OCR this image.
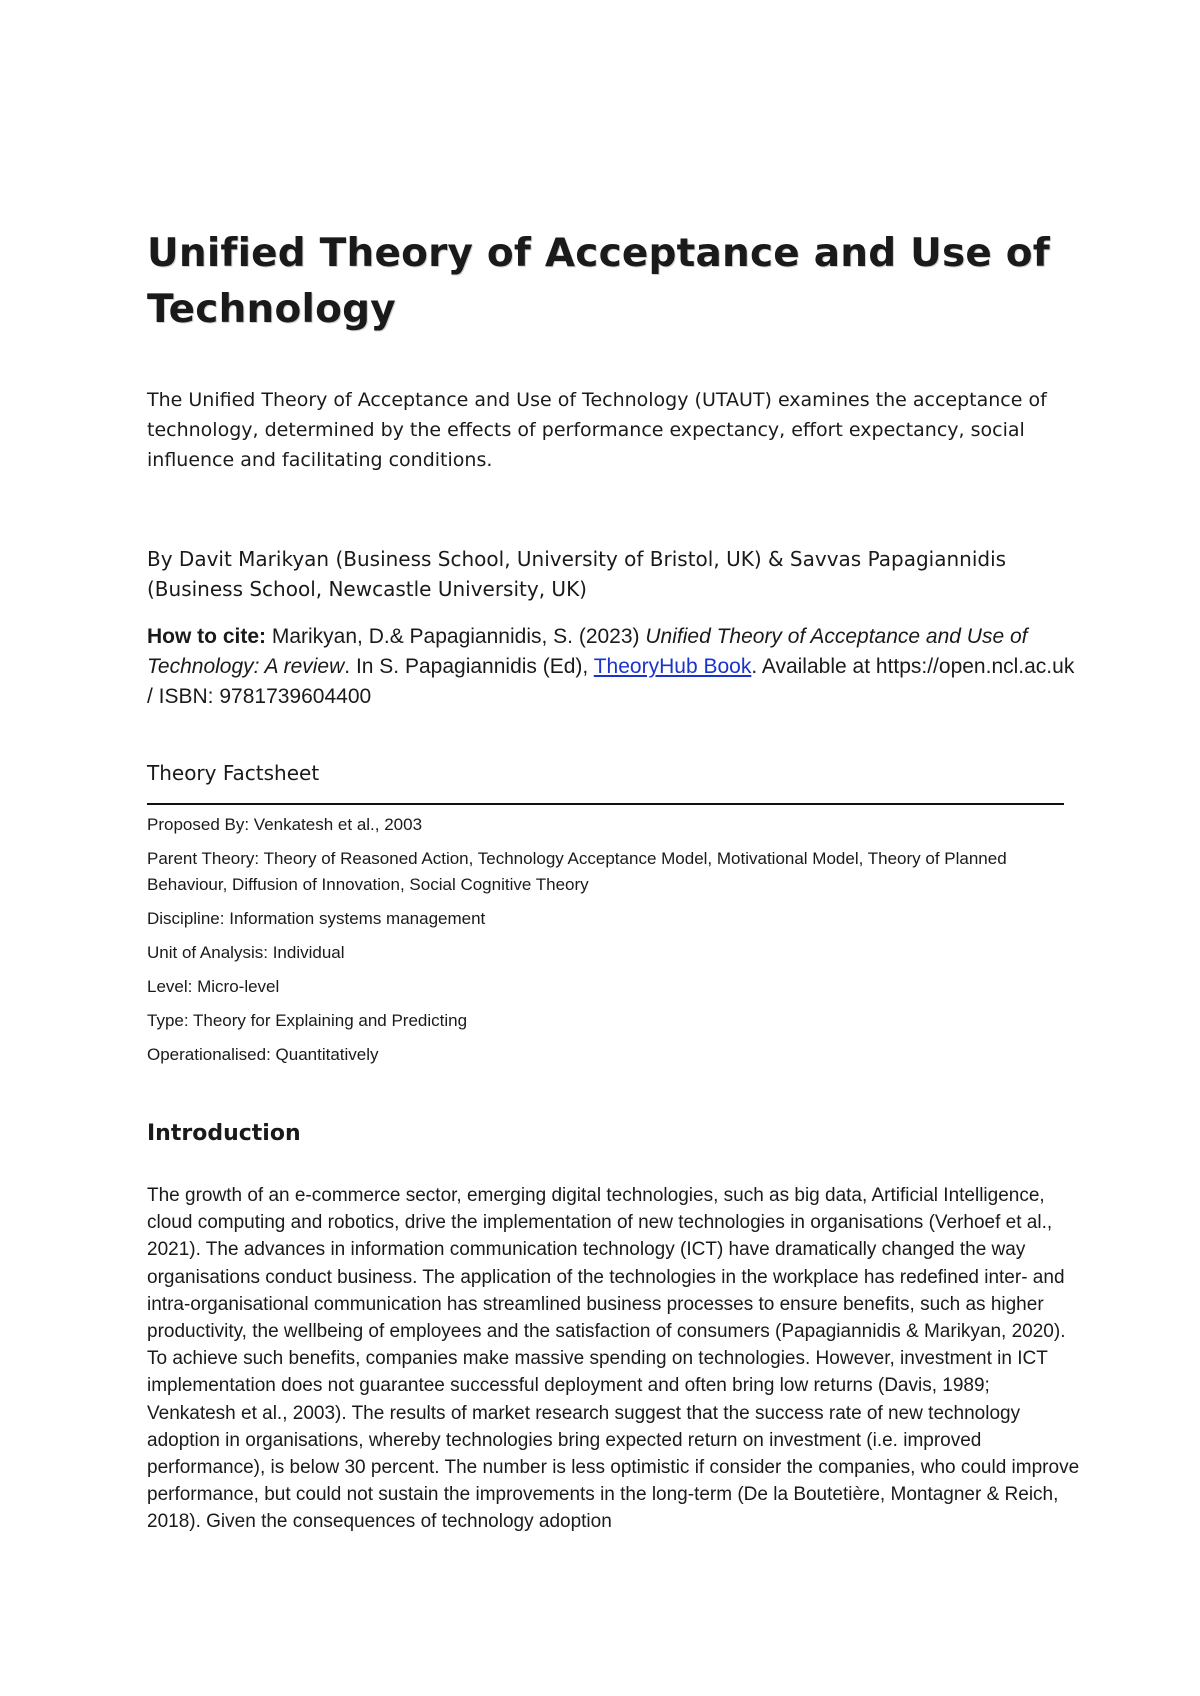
Unified Theory of Acceptance and Use of Technology

The Unified Theory of Acceptance and Use of Technology (UTAUT) examines the acceptance of technology, determined by the effects of performance expectancy, effort expectancy, social influence and facilitating conditions.

By Davit Marikyan (Business School, University of Bristol, UK) & Savvas Papagiannidis (Business School, Newcastle University, UK)

How to cite: Marikyan, D.& Papagiannidis, S. (2023) Unified Theory of Acceptance and Use of Technology: A review. In S. Papagiannidis (Ed), TheoryHub Book. Available at https://open.ncl.ac.uk / ISBN: 9781739604400

Theory Factsheet
Proposed By: Venkatesh et al., 2003
Parent Theory: Theory of Reasoned Action, Technology Acceptance Model, Motivational Model, Theory of Planned Behaviour, Diffusion of Innovation, Social Cognitive Theory
Discipline: Information systems management
Unit of Analysis: Individual
Level: Micro-level
Type: Theory for Explaining and Predicting
Operationalised: Quantitatively
Introduction

The growth of an e-commerce sector, emerging digital technologies, such as big data, Artificial Intelligence, cloud computing and robotics, drive the implementation of new technologies in organisations (Verhoef et al., 2021). The advances in information communication technology (ICT) have dramatically changed the way organisations conduct business. The application of the technologies in the workplace has redefined inter- and intra-organisational communication has streamlined business processes to ensure benefits, such as higher productivity, the wellbeing of employees and the satisfaction of consumers (Papagiannidis & Marikyan, 2020). To achieve such benefits, companies make massive spending on technologies. However, investment in ICT implementation does not guarantee successful deployment and often bring low returns (Davis, 1989; Venkatesh et al., 2003). The results of market research suggest that the success rate of new technology adoption in organisations, whereby technologies bring expected return on investment (i.e. improved performance), is below 30 percent. The number is less optimistic if consider the companies, who could improve performance, but could not sustain the improvements in the long-term (De la Boutetière, Montagner & Reich, 2018). Given the consequences of technology adoption
